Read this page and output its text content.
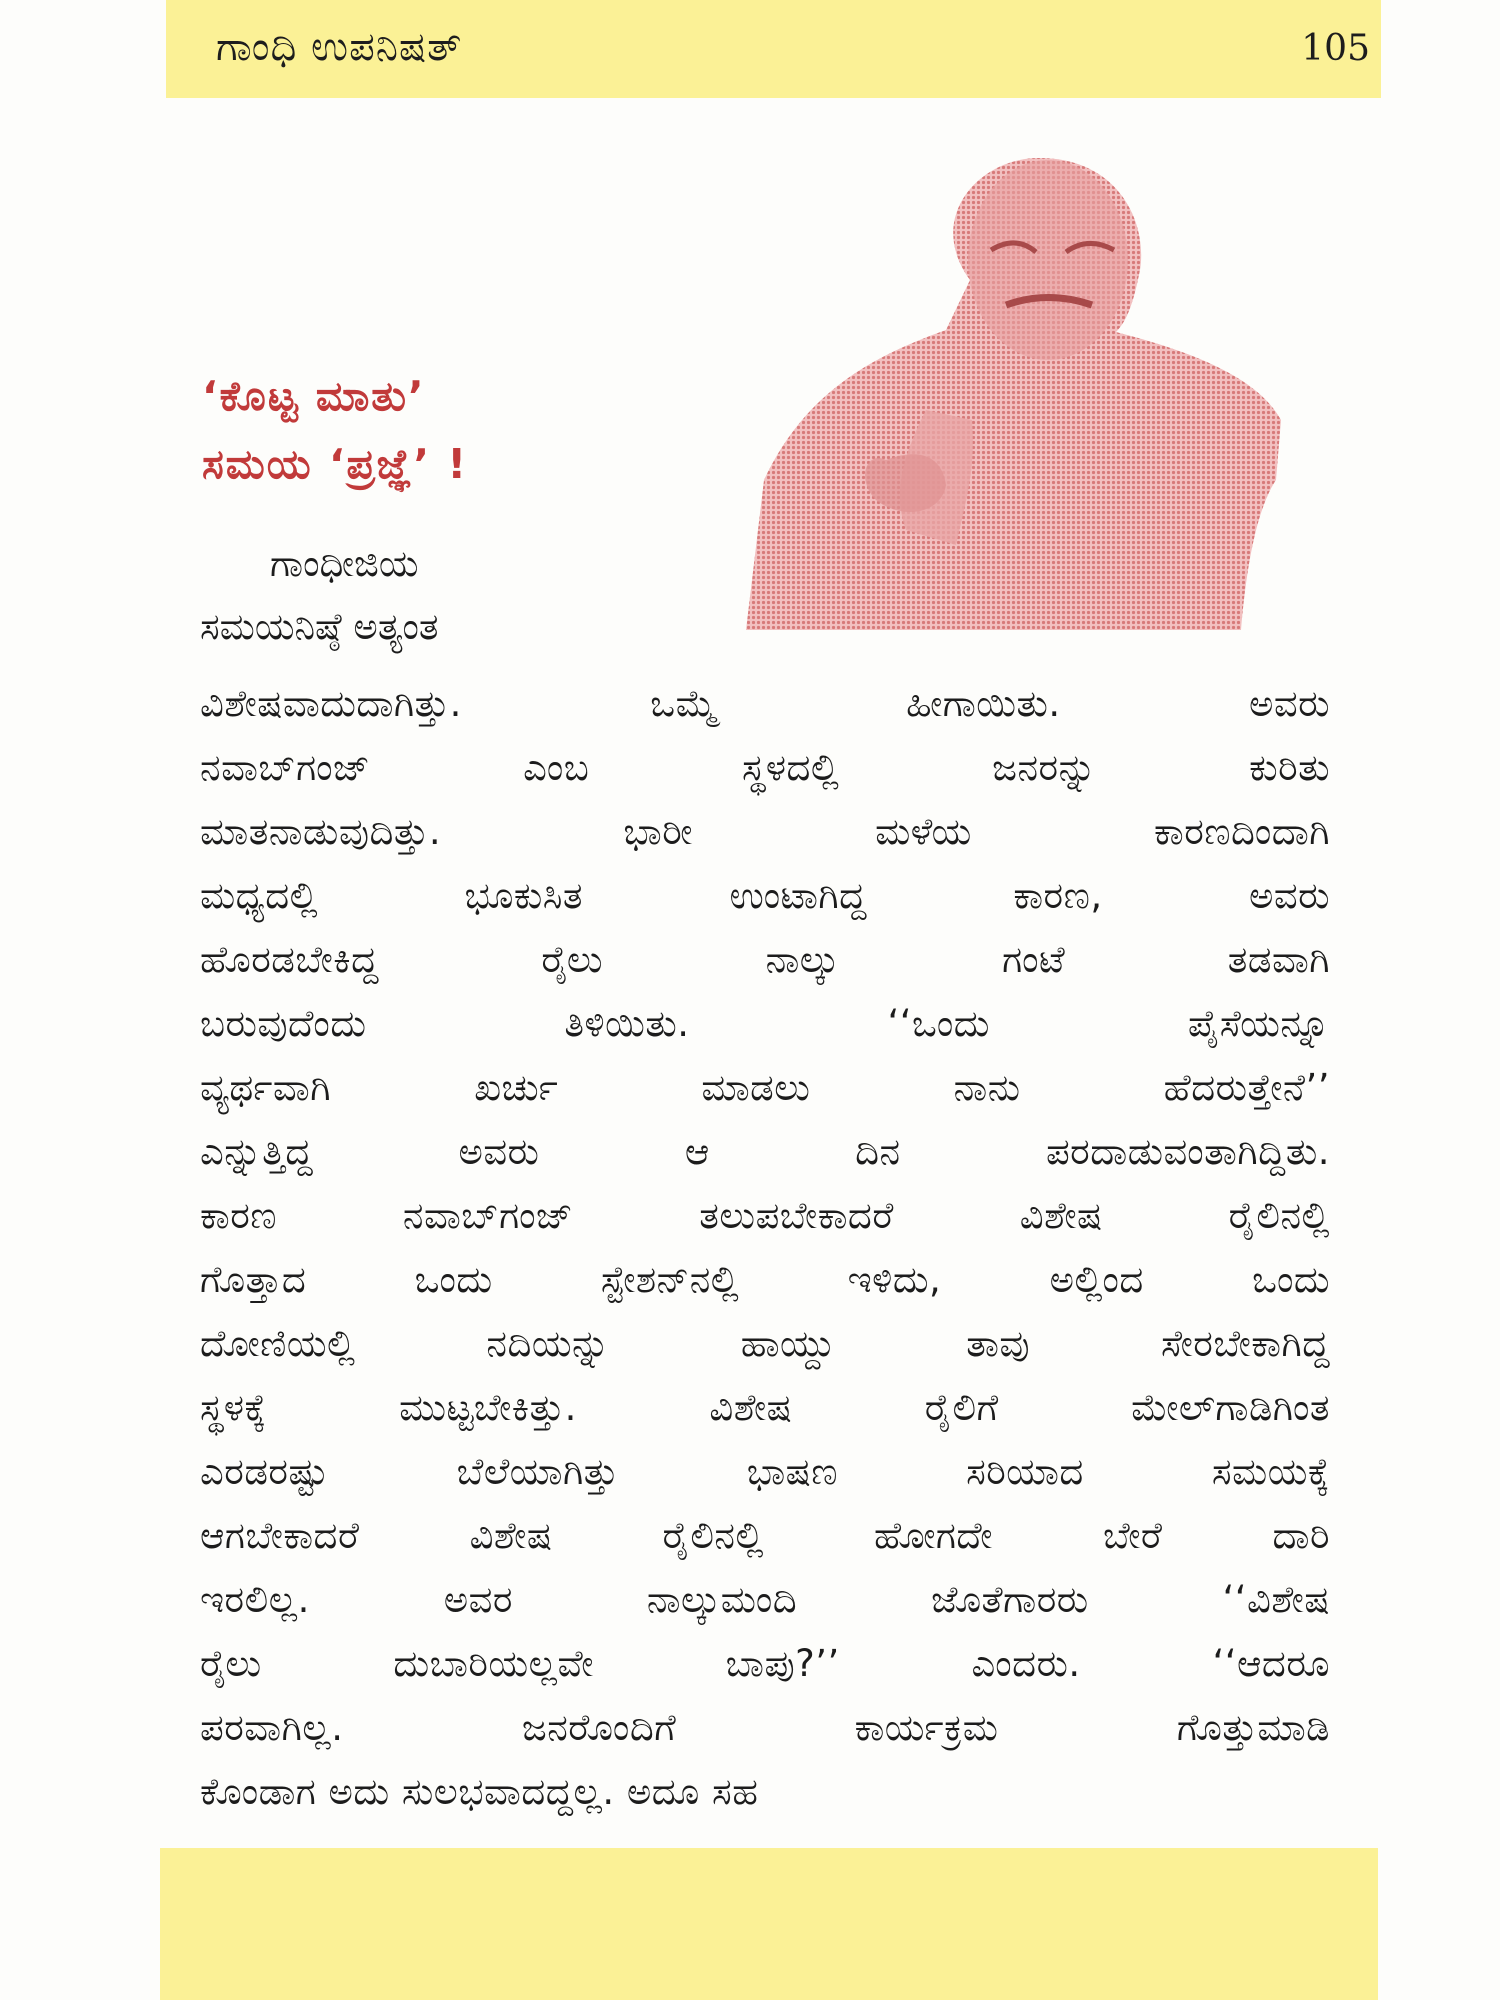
ಗಾಂಧಿ ಉಪನಿಷತ್	105
‘ಕೊಟ್ಟ ಮಾತು’
ಸಮಯ ‘ಪ್ರಜ್ಞೆ’ !
ಗಾಂಧೀಜಿಯ
ಸಮಯನಿಷ್ಠೆ ಅತ್ಯಂತ
ವಿಶೇಷವಾದುದಾಗಿತ್ತು. ಒಮ್ಮೆ ಹೀಗಾಯಿತು. ಅವರು
ನವಾಬ್‌ಗಂಜ್ ಎಂಬ ಸ್ಥಳದಲ್ಲಿ ಜನರನ್ನು ಕುರಿತು
ಮಾತನಾಡುವುದಿತ್ತು. ಭಾರೀ ಮಳೆಯ ಕಾರಣದಿಂದಾಗಿ
ಮಧ್ಯದಲ್ಲಿ ಭೂಕುಸಿತ ಉಂಟಾಗಿದ್ದ ಕಾರಣ, ಅವರು
ಹೊರಡಬೇಕಿದ್ದ ರೈಲು ನಾಲ್ಕು ಗಂಟೆ ತಡವಾಗಿ
ಬರುವುದೆಂದು ತಿಳಿಯಿತು. ‘‘ಒಂದು ಪೈಸೆಯನ್ನೂ
ವ್ಯರ್ಥವಾಗಿ ಖರ್ಚು ಮಾಡಲು ನಾನು ಹೆದರುತ್ತೇನೆ’’
ಎನ್ನುತ್ತಿದ್ದ ಅವರು ಆ ದಿನ ಪರದಾಡುವಂತಾಗಿದ್ದಿತು.
ಕಾರಣ ನವಾಬ್‌ಗಂಜ್ ತಲುಪಬೇಕಾದರೆ ವಿಶೇಷ ರೈಲಿನಲ್ಲಿ
ಗೊತ್ತಾದ ಒಂದು ಸ್ಟೇಶನ್‌ನಲ್ಲಿ ಇಳಿದು, ಅಲ್ಲಿಂದ ಒಂದು
ದೋಣಿಯಲ್ಲಿ ನದಿಯನ್ನು ಹಾಯ್ದು ತಾವು ಸೇರಬೇಕಾಗಿದ್ದ
ಸ್ಥಳಕ್ಕೆ ಮುಟ್ಟಬೇಕಿತ್ತು. ವಿಶೇಷ ರೈಲಿಗೆ ಮೇಲ್‌ಗಾಡಿಗಿಂತ
ಎರಡರಷ್ಟು ಬೆಲೆಯಾಗಿತ್ತು ಭಾಷಣ ಸರಿಯಾದ ಸಮಯಕ್ಕೆ
ಆಗಬೇಕಾದರೆ ವಿಶೇಷ ರೈಲಿನಲ್ಲಿ ಹೋಗದೇ ಬೇರೆ ದಾರಿ
ಇರಲಿಲ್ಲ. ಅವರ ನಾಲ್ಕುಮಂದಿ ಜೊತೆಗಾರರು ‘‘ವಿಶೇಷ
ರೈಲು ದುಬಾರಿಯಲ್ಲವೇ ಬಾಪು?’’ ಎಂದರು. ‘‘ಆದರೂ
ಪರವಾಗಿಲ್ಲ. ಜನರೊಂದಿಗೆ ಕಾರ್ಯಕ್ರಮ ಗೊತ್ತುಮಾಡಿ
ಕೊಂಡಾಗ ಅದು ಸುಲಭವಾದದ್ದಲ್ಲ. ಅದೂ ಸಹ
